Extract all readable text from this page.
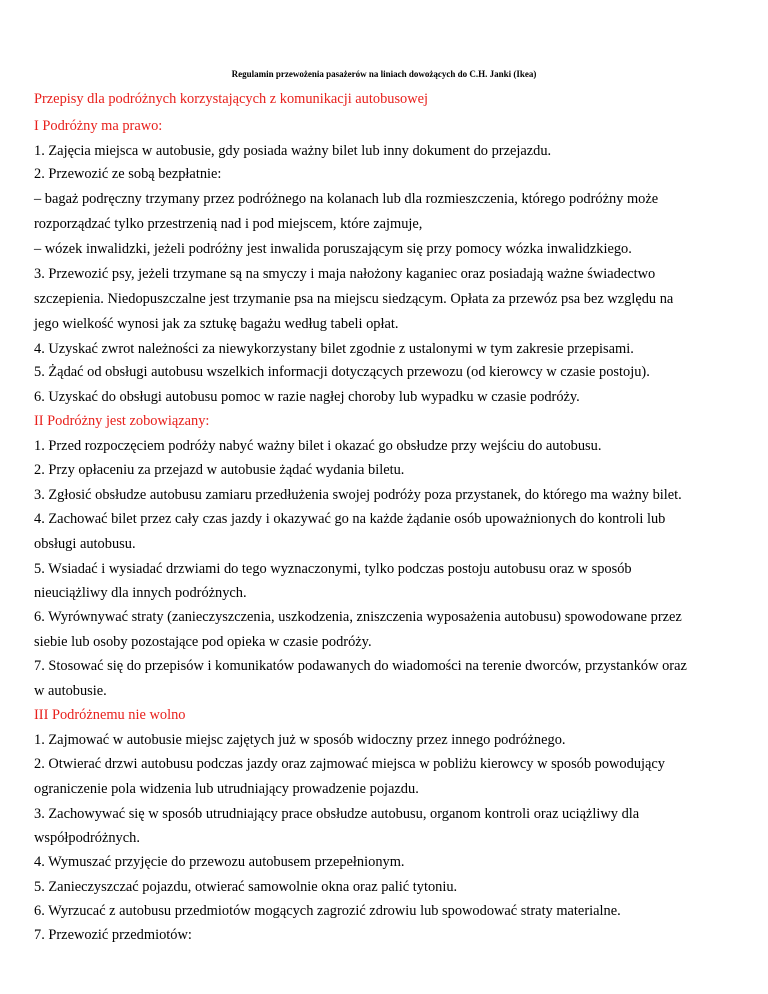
Regulamin przewożenia pasażerów na liniach dowożących do C.H. Janki (Ikea)
Przepisy dla podróżnych korzystających z komunikacji autobusowej
I Podróżny ma prawo:
1. Zajęcia miejsca w autobusie, gdy posiada ważny bilet lub inny dokument do przejazdu.
2. Przewozić ze sobą bezpłatnie:
– bagaż podręczny trzymany przez podróżnego na kolanach lub dla rozmieszczenia, którego podróżny może
rozporządzać tylko przestrzenią nad i pod miejscem, które zajmuje,
– wózek inwalidzki, jeżeli podróżny jest inwalida poruszającym się przy pomocy wózka inwalidzkiego.
3. Przewozić psy, jeżeli trzymane są na smyczy i maja nałożony kaganiec oraz posiadają ważne świadectwo
szczepienia. Niedopuszczalne jest trzymanie psa na miejscu siedzącym. Opłata za przewóz psa bez względu na
jego wielkość wynosi jak za sztukę bagażu według tabeli opłat.
4. Uzyskać zwrot należności za niewykorzystany bilet zgodnie z ustalonymi w tym zakresie przepisami.
5. Żądać od obsługi autobusu wszelkich informacji dotyczących przewozu (od kierowcy w czasie postoju).
6. Uzyskać do obsługi autobusu pomoc w razie nagłej choroby lub wypadku w czasie podróży.
II Podróżny jest zobowiązany:
1. Przed rozpoczęciem podróży nabyć ważny bilet i okazać go obsłudze przy wejściu do autobusu.
2. Przy opłaceniu za przejazd w autobusie żądać wydania biletu.
3. Zgłosić obsłudze autobusu zamiaru przedłużenia swojej podróży poza przystanek, do którego ma ważny bilet.
4. Zachować bilet przez cały czas jazdy i okazywać go na każde żądanie osób upoważnionych do kontroli lub
obsługi autobusu.
5. Wsiadać i wysiadać drzwiami do tego wyznaczonymi, tylko podczas postoju autobusu oraz w sposób
nieuciążliwy dla innych podróżnych.
6. Wyrównywać straty (zanieczyszczenia, uszkodzenia, zniszczenia wyposażenia autobusu) spowodowane przez
siebie lub osoby pozostające pod opieka w czasie podróży.
7. Stosować się do przepisów i komunikatów podawanych do wiadomości na terenie dworców, przystanków oraz
w autobusie.
III Podróżnemu nie wolno
1. Zajmować w autobusie miejsc zajętych już w sposób widoczny przez innego podróżnego.
2. Otwierać drzwi autobusu podczas jazdy oraz zajmować miejsca w pobliżu kierowcy w sposób powodujący
ograniczenie pola widzenia lub utrudniający prowadzenie pojazdu.
3. Zachowywać się w sposób utrudniający prace obsłudze autobusu, organom kontroli oraz uciążliwy dla
współpodróżnych.
4. Wymuszać przyjęcie do przewozu autobusem przepełnionym.
5. Zanieczyszczać pojazdu, otwierać samowolnie okna oraz palić tytoniu.
6. Wyrzucać z autobusu przedmiotów mogących zagrozić zdrowiu lub spowodować straty materialne.
7. Przewozić przedmiotów:
